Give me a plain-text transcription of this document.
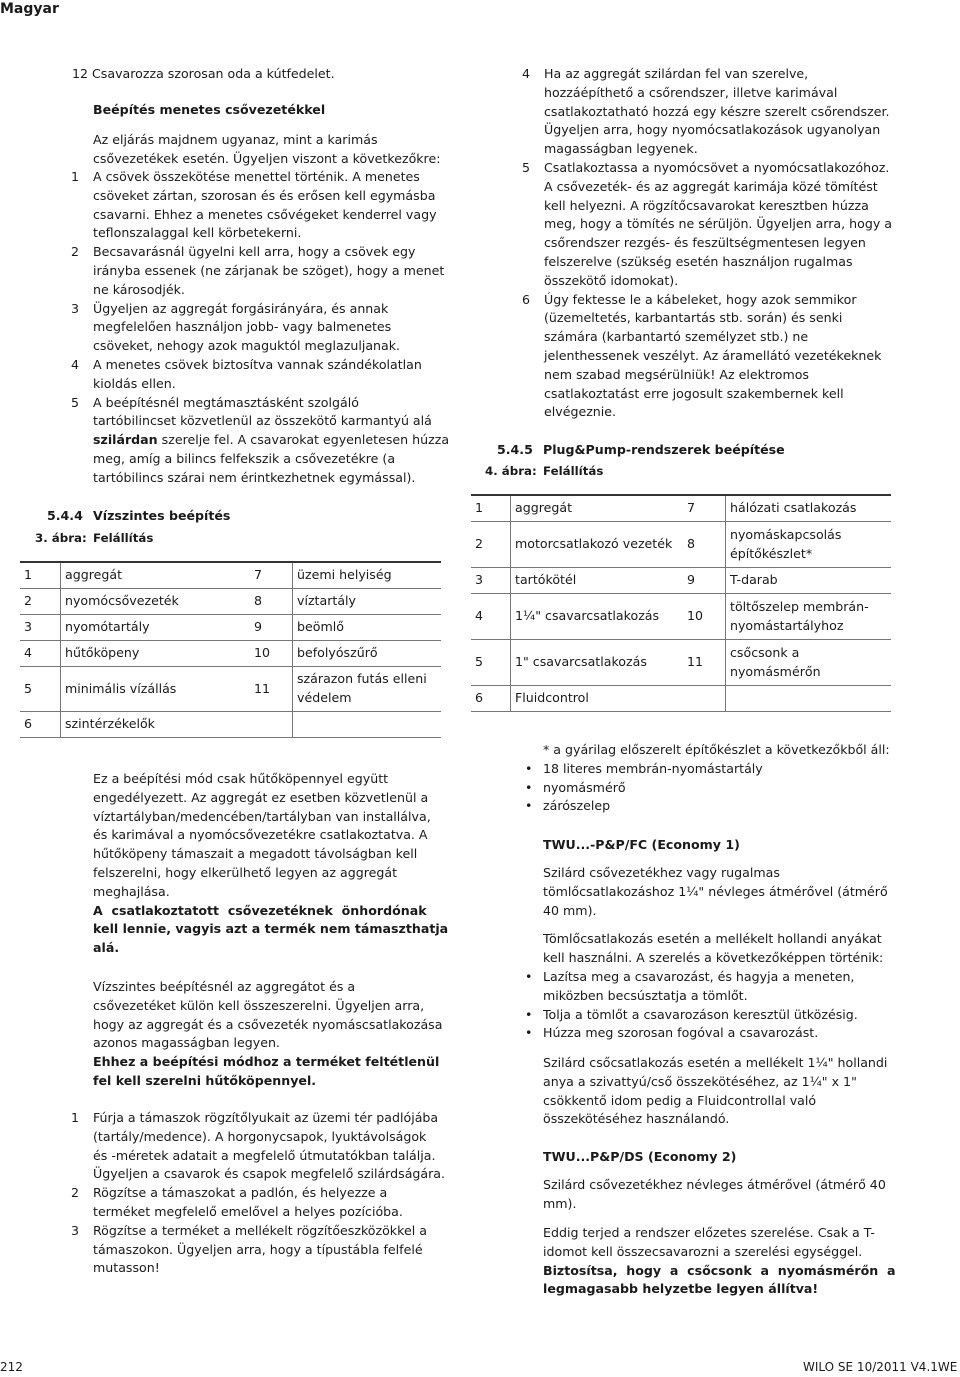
Magyar
12 Csavarozza szorosan oda a kútfedelet.
Beépítés menetes csővezetékkel
Az eljárás majdnem ugyanaz, mint a karimás
csővezetékek esetén. Ügyeljen viszont a következőkre:
1 A csövek összekötése menettel történik. A menetes
csöveket zártan, szorosan és és erősen kell egymásba
csavarni. Ehhez a menetes csővégeket kenderrel vagy
teflonszalaggal kell körbetekerni.
2 Becsavarásnál ügyelni kell arra, hogy a csövek egy
irányba essenek (ne zárjanak be szöget), hogy a menet
ne károsodjék.
3 Ügyeljen az aggregát forgásirányára, és annak
megfelelően használjon jobb- vagy balmenetes
csöveket, nehogy azok maguktól meglazuljanak.
4 A menetes csövek biztosítva vannak szándékolatlan
kioldás ellen.
5 A beépítésnél megtámasztásként szolgáló
tartóbilincset közvetlenül az összekötő karmantyú alá
szilárdan szerelje fel. A csavarokat egyenletesen húzza
meg, amíg a bilincs felfekszik a csővezetékre (a
tartóbilincs szárai nem érintkezhetnek egymással).
5.4.4 Vízszintes beépítés
3. ábra: Felállítás
1	aggregát	7	üzemi helyiség
2	nyomócsővezeték	8	víztartály
3	nyomótartály	9	beömlő
4	hűtőköpeny	10	befolyószűrő
5	minimális vízállás	11
szárazon futás elleni védelem
6	szintérzékelők
Ez a beépítési mód csak hűtőköpennyel együtt
engedélyezett. Az aggregát ez esetben közvetlenül a
víztartályban/medencében/tartályban van installálva,
és karimával a nyomócsővezetékre csatlakoztatva. A
hűtőköpeny támaszait a megadott távolságban kell
felszerelni, hogy elkerülhető legyen az aggregát
meghajlása.
A  csatlakoztatott  csővezetéknek  önhordónak
kell lennie, vagyis azt a termék nem támaszthatja
alá.
Vízszintes beépítésnél az aggregátot és a
csővezetéket külön kell összeszerelni. Ügyeljen arra,
hogy az aggregát és a csővezeték nyomáscsatlakozása
azonos magasságban legyen.
Ehhez a beépítési módhoz a terméket feltétlenül
fel kell szerelni hűtőköpennyel.
1 Fúrja a támaszok rögzítőlyukait az üzemi tér padlójába
(tartály/medence). A horgonycsapok, lyuktávolságok
és -méretek adatait a megfelelő útmutatókban találja.
Ügyeljen a csavarok és csapok megfelelő szilárdságára.
2 Rögzítse a támaszokat a padlón, és helyezze a
terméket megfelelő emelővel a helyes pozícióba.
3 Rögzítse a terméket a mellékelt rögzítőeszközökkel a
támaszokon. Ügyeljen arra, hogy a típustábla felfelé
mutasson!
4 Ha az aggregát szilárdan fel van szerelve,
hozzáépíthető a csőrendszer, illetve karimával
csatlakoztatható hozzá egy készre szerelt csőrendszer.
Ügyeljen arra, hogy nyomócsatlakozások ugyanolyan
magasságban legyenek.
5 Csatlakoztassa a nyomócsövet a nyomócsatlakozóhoz.
A csővezeték- és az aggregát karimája közé tömítést
kell helyezni. A rögzítőcsavarokat keresztben húzza
meg, hogy a tömítés ne sérüljön. Ügyeljen arra, hogy a
csőrendszer rezgés- és feszültségmentesen legyen
felszerelve (szükség esetén használjon rugalmas
összekötő idomokat).
6 Úgy fektesse le a kábeleket, hogy azok semmikor
(üzemeltetés, karbantartás stb. során) és senki
számára (karbantartó személyzet stb.) ne
jelenthessenek veszélyt. Az áramellátó vezetékeknek
nem szabad megsérülniük! Az elektromos
csatlakoztatást erre jogosult szakembernek kell
elvégeznie.
5.4.5 Plug&Pump-rendszerek beépítése
4. ábra: Felállítás
1	aggregát	7	hálózati csatlakozás
2	motorcsatlakozó vezeték	8
nyomáskapcsolás építőkészlet*
3	tartókötél	9	T-darab
4	1¼" csavarcsatlakozás	10
töltőszelep membrán-nyomástartályhoz
5	1" csavarcsatlakozás	11
csőcsonk a nyomásmérőn
6	Fluidcontrol
* a gyárilag előszerelt építőkészlet a következőkből áll:
• 18 literes membrán-nyomástartály
• nyomásmérő
• zárószelep
TWU...-P&P/FC (Economy 1)
Szilárd csővezetékhez vagy rugalmas
tömlőcsatlakozáshoz 1¼" névleges átmérővel (átmérő
40 mm).
Tömlőcsatlakozás esetén a mellékelt hollandi anyákat
kell használni. A szerelés a következőképpen történik:
• Lazítsa meg a csavarozást, és hagyja a meneten,
miközben becsúsztatja a tömlőt.
• Tolja a tömlőt a csavarozáson keresztül ütközésig.
• Húzza meg szorosan fogóval a csavarozást.
Szilárd csőcsatlakozás esetén a mellékelt 1¼" hollandi
anya a szivattyú/cső összekötéséhez, az 1¼" x 1"
csökkentő idom pedig a Fluidcontrollal való
összekötéséhez használandó.
TWU...P&P/DS (Economy 2)
Szilárd csővezetékhez névleges átmérővel (átmérő 40
mm).
Eddig terjed a rendszer előzetes szerelése. Csak a T-
idomot kell összecsavarozni a szerelési egységgel.
Biztosítsa,  hogy  a  csőcsonk  a  nyomásmérőn  a
legmagasabb helyzetbe legyen állítva!
212	WILO SE 10/2011 V4.1WE
